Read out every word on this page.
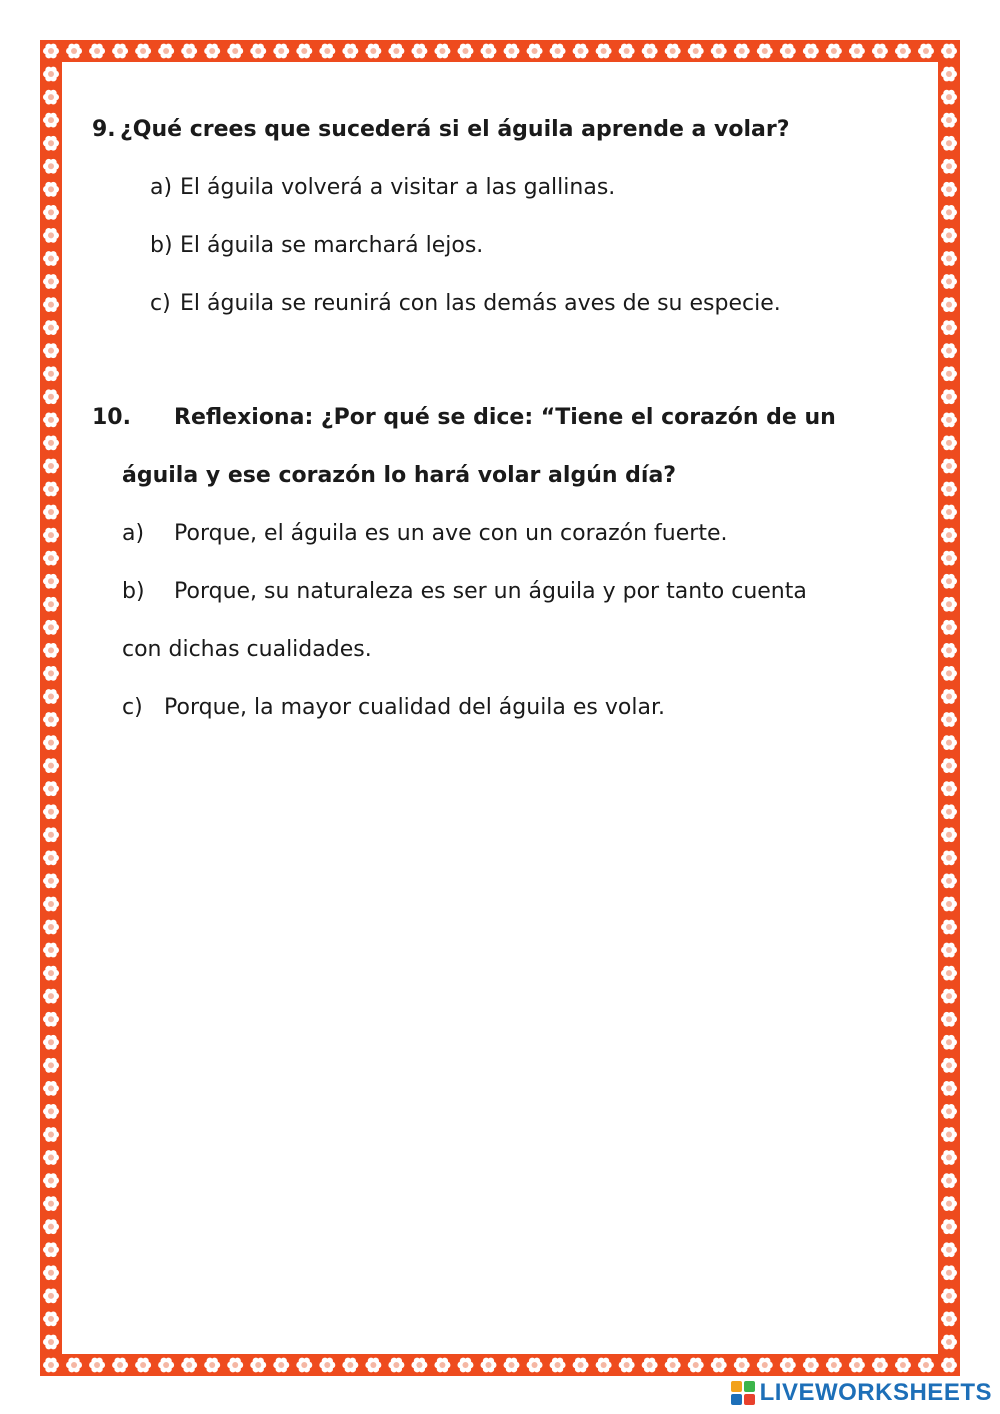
9. ¿Qué crees que sucederá si el águila aprende a volar?
a) El águila volverá a visitar a las gallinas.
b) El águila se marchará lejos.
c) El águila se reunirá con las demás aves de su especie.
10. Reflexiona: ¿Por qué se dice: “Tiene el corazón de un
águila y ese corazón lo hará volar algún día?
a) Porque, el águila es un ave con un corazón fuerte.
b) Porque, su naturaleza es ser un águila y por tanto cuenta
con dichas cualidades.
c) Porque, la mayor cualidad del águila es volar.
LIVEWORKSHEETS
